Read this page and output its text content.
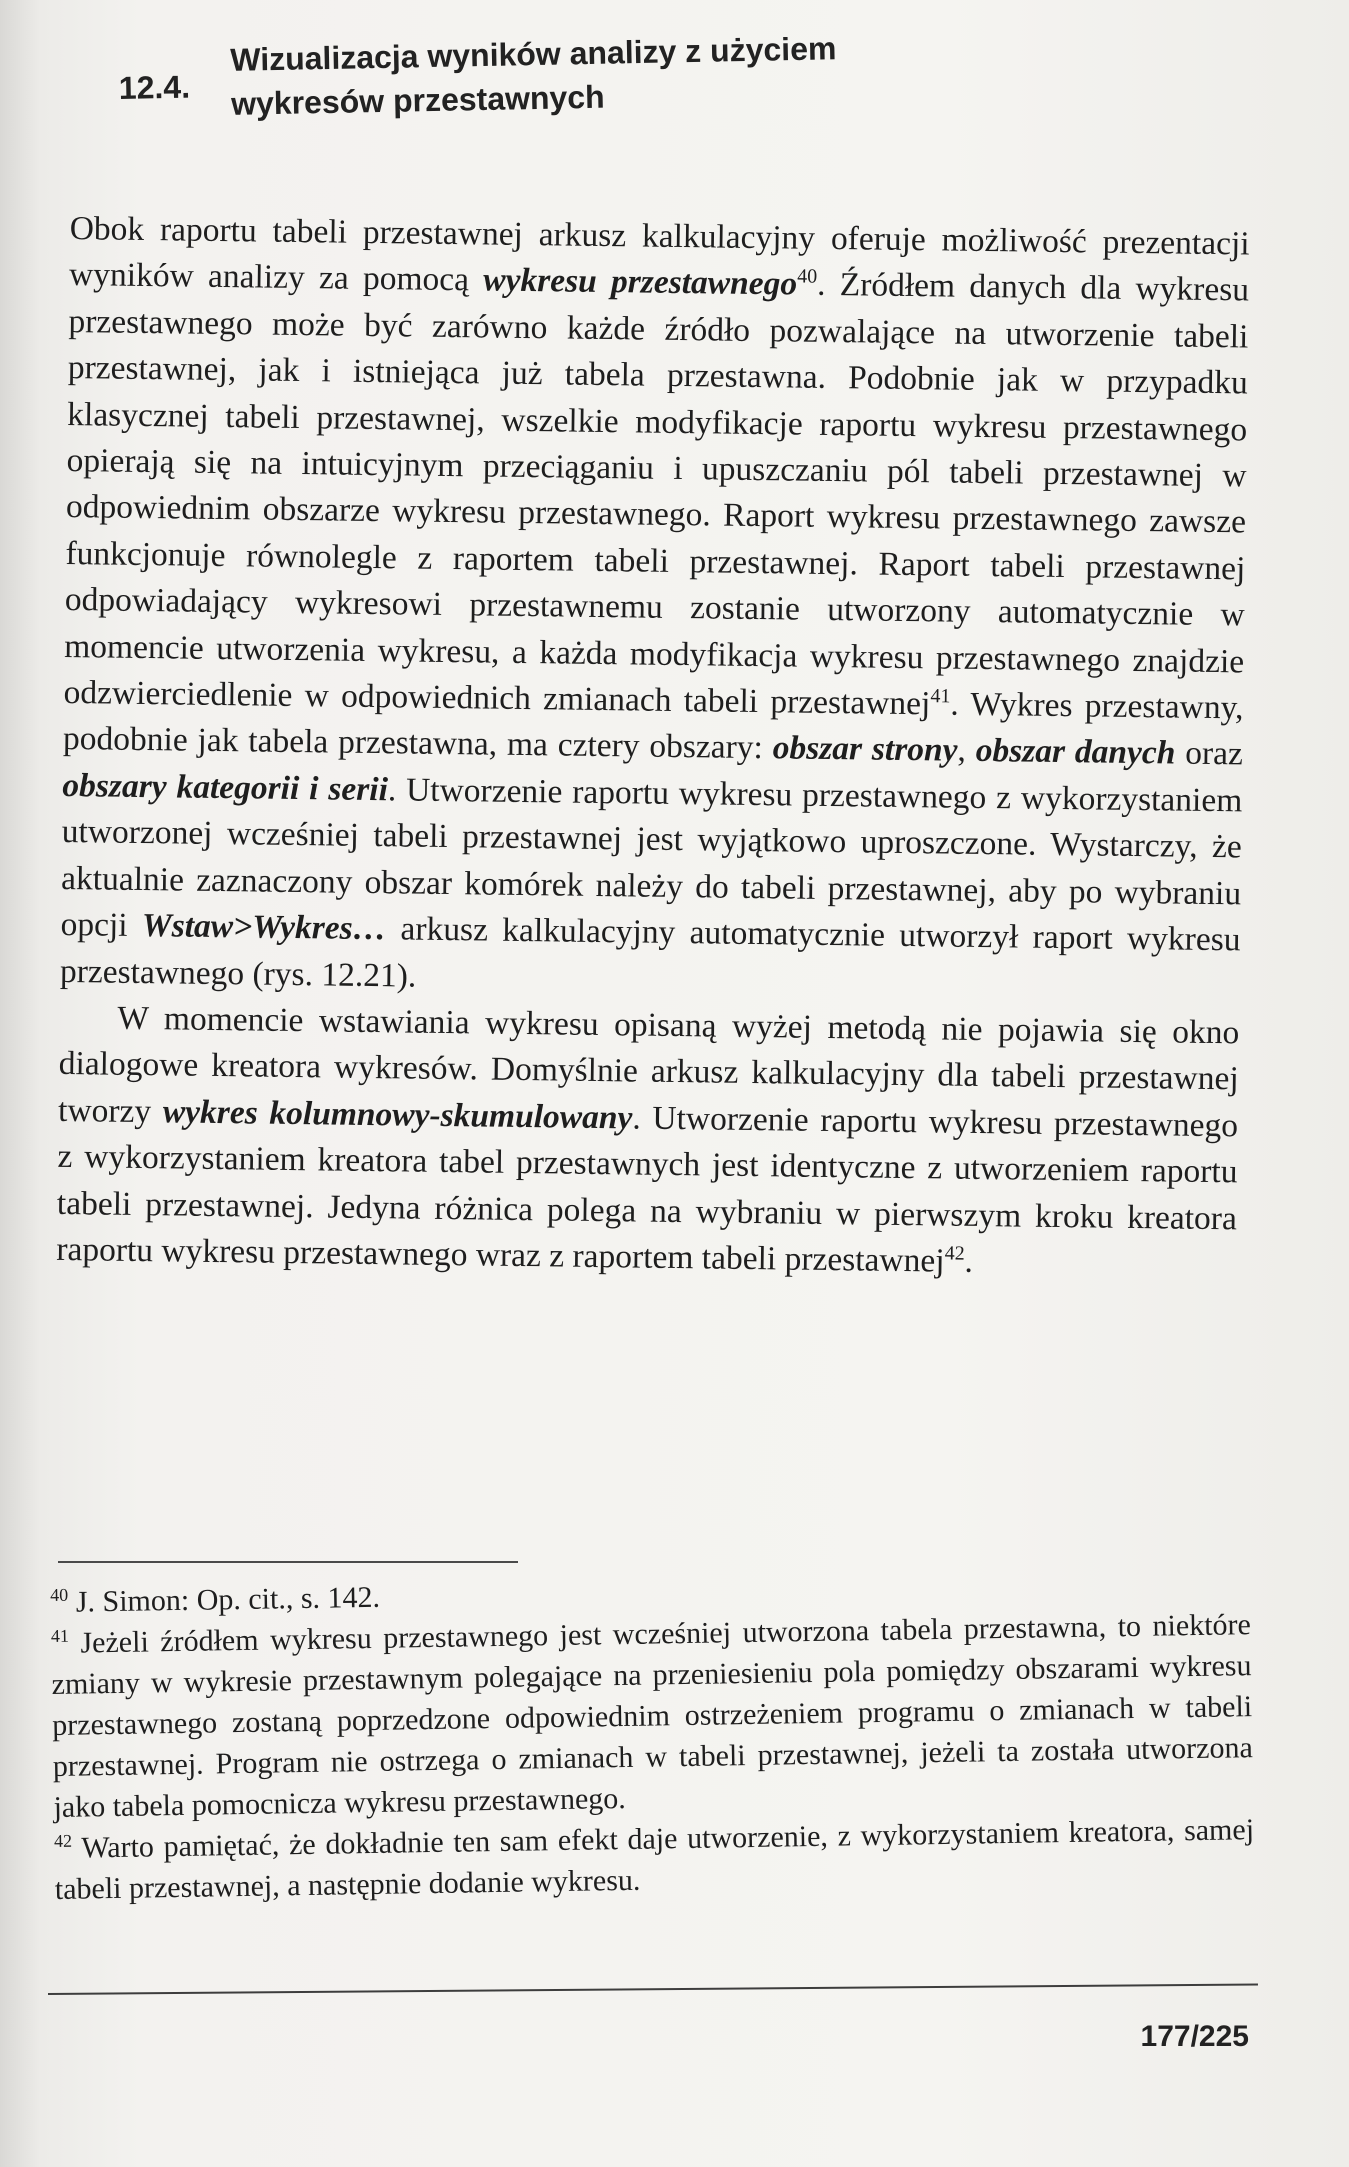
12.4.
Wizualizacja wyników analizy z użyciem
wykresów przestawnych

Obok raportu tabeli przestawnej arkusz kalkulacyjny oferuje możliwość prezentacji wyników analizy za pomocą wykresu przestawnego$^{40}$. Źródłem danych dla wykresu przestawnego może być zarówno każde źródło pozwalające na utworzenie tabeli przestawnej, jak i istniejąca już tabela przestawna. Podobnie jak w przypadku klasycznej tabeli przestawnej, wszelkie modyfikacje raportu wykresu przestawnego opierają się na intuicyjnym przeciąganiu i upuszczaniu pól tabeli przestawnej w odpowiednim obszarze wykresu przestawnego. Raport wykresu przestawnego zawsze funkcjonuje równolegle z raportem tabeli przestawnej. Raport tabeli przestawnej odpowiadający wykresowi przestawnemu zostanie utworzony automatycznie w momencie utworzenia wykresu, a każda modyfikacja wykresu przestawnego znajdzie odzwierciedlenie w odpowiednich zmianach tabeli przestawnej$^{41}$. Wykres przestawny, podobnie jak tabela przestawna, ma cztery obszary: obszar strony, obszar danych oraz obszary kategorii i serii. Utworzenie raportu wykresu przestawnego z wykorzystaniem utworzonej wcześniej tabeli przestawnej jest wyjątkowo uproszczone. Wystarczy, że aktualnie zaznaczony obszar komórek należy do tabeli przestawnej, aby po wybraniu opcji Wstaw>Wykres… arkusz kalkulacyjny automatycznie utworzył raport wykresu przestawnego (rys. 12.21).

W momencie wstawiania wykresu opisaną wyżej metodą nie pojawia się okno dialogowe kreatora wykresów. Domyślnie arkusz kalkulacyjny dla tabeli przestawnej tworzy wykres kolumnowy-skumulowany. Utworzenie raportu wykresu przestawnego z wykorzystaniem kreatora tabel przestawnych jest identyczne z utworzeniem raportu tabeli przestawnej. Jedyna różnica polega na wybraniu w pierwszym kroku kreatora raportu wykresu przestawnego wraz z raportem tabeli przestawnej$^{42}$.

$^{40}$ J. Simon: Op. cit., s. 142.

$^{41}$ Jeżeli źródłem wykresu przestawnego jest wcześniej utworzona tabela przestawna, to niektóre zmiany w wykresie przestawnym polegające na przeniesieniu pola pomiędzy obszarami wykresu przestawnego zostaną poprzedzone odpowiednim ostrzeżeniem programu o zmianach w tabeli przestawnej. Program nie ostrzega o zmianach w tabeli przestawnej, jeżeli ta została utworzona jako tabela pomocnicza wykresu przestawnego.

$^{42}$ Warto pamiętać, że dokładnie ten sam efekt daje utworzenie, z wykorzystaniem kreatora, samej tabeli przestawnej, a następnie dodanie wykresu.

177/225
